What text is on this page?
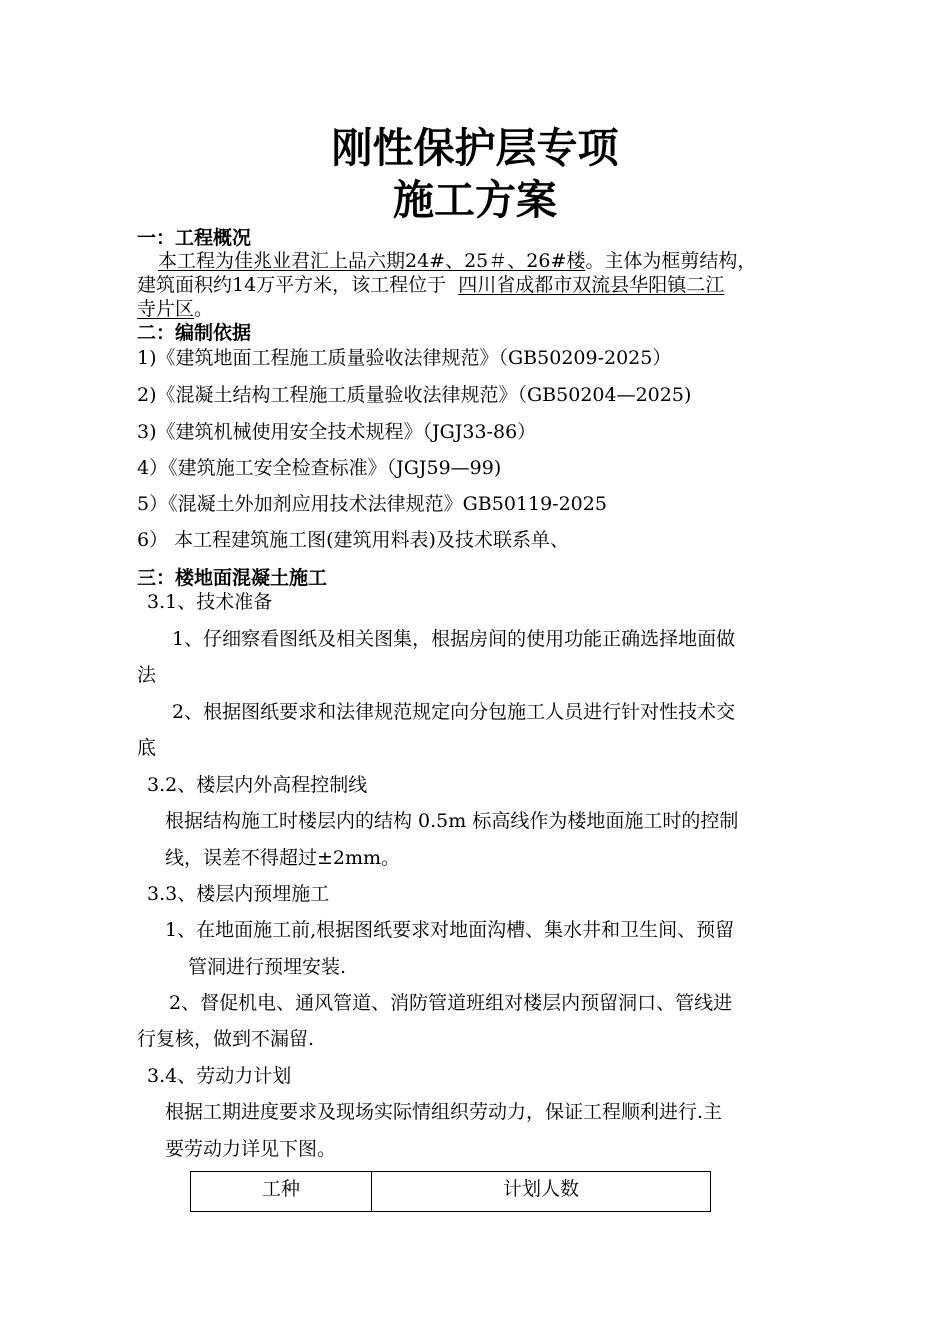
刚性保护层专项
施工方案
一：工程概况
本工程为佳兆业君汇上品六期24#、25＃、26#楼。主体为框剪结构，
建筑面积约14万平方米，该工程位于 四川省成都市双流县华阳镇二江
寺片区。
二：编制依据
1)《建筑地面工程施工质量验收法律规范》（GB50209-2025）
2)《混凝土结构工程施工质量验收法律规范》（GB50204—2025)
3)《建筑机械使用安全技术规程》（JGJ33-86）
4）《建筑施工安全检查标准》（JGJ59—99)
5）《混凝土外加剂应用技术法律规范》GB50119-2025
6） 本工程建筑施工图(建筑用料表)及技术联系单、
三：楼地面混凝土施工
3.1、技术准备
1、仔细察看图纸及相关图集，根据房间的使用功能正确选择地面做
法
2、根据图纸要求和法律规范规定向分包施工人员进行针对性技术交
底
3.2、楼层内外高程控制线
根据结构施工时楼层内的结构 0.5m 标高线作为楼地面施工时的控制
线，误差不得超过±2mm。
3.3、楼层内预埋施工
1、在地面施工前,根据图纸要求对地面沟槽、集水井和卫生间、预留
管洞进行预埋安装.
2、督促机电、通风管道、消防管道班组对楼层内预留洞口、管线进
行复核，做到不漏留.
3.4、劳动力计划
根据工期进度要求及现场实际情组织劳动力，保证工程顺利进行.主
要劳动力详见下图。
工种	计划人数
